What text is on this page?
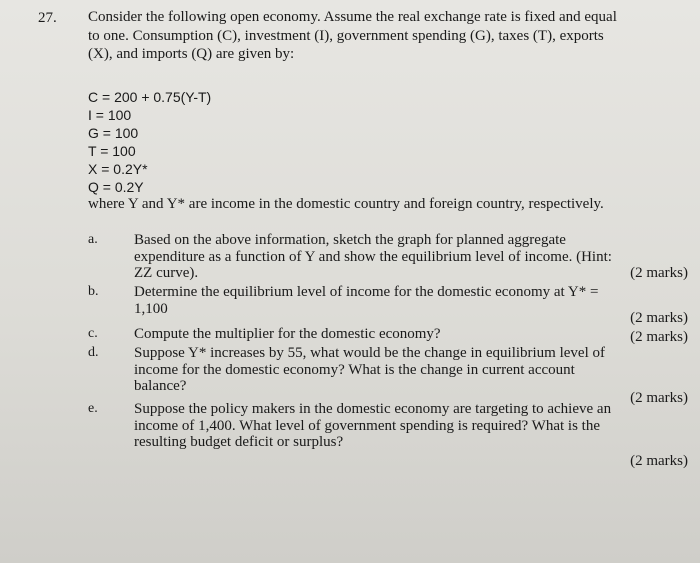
27. Consider the following open economy. Assume the real exchange rate is fixed and equal
to one. Consumption (C), investment (I), government spending (G), taxes (T), exports
(X), and imports (Q) are given by:
C = 200 + 0.75(Y-T)
I = 100
G = 100
T = 100
X = 0.2Y*
Q = 0.2Y
where Y and Y* are income in the domestic country and foreign country, respectively.
a. Based on the above information, sketch the graph for planned aggregate
expenditure as a function of Y and show the equilibrium level of income. (Hint:
ZZ curve).	(2 marks)
b. Determine the equilibrium level of income for the domestic economy at Y* =
1,100
(2 marks)
c. Compute the multiplier for the domestic economy?	(2 marks)
d. Suppose Y* increases by 55, what would be the change in equilibrium level of
income for the domestic economy? What is the change in current account
balance?
(2 marks)
e. Suppose the policy makers in the domestic economy are targeting to achieve an
income of 1,400. What level of government spending is required? What is the
resulting budget deficit or surplus?
(2 marks)
